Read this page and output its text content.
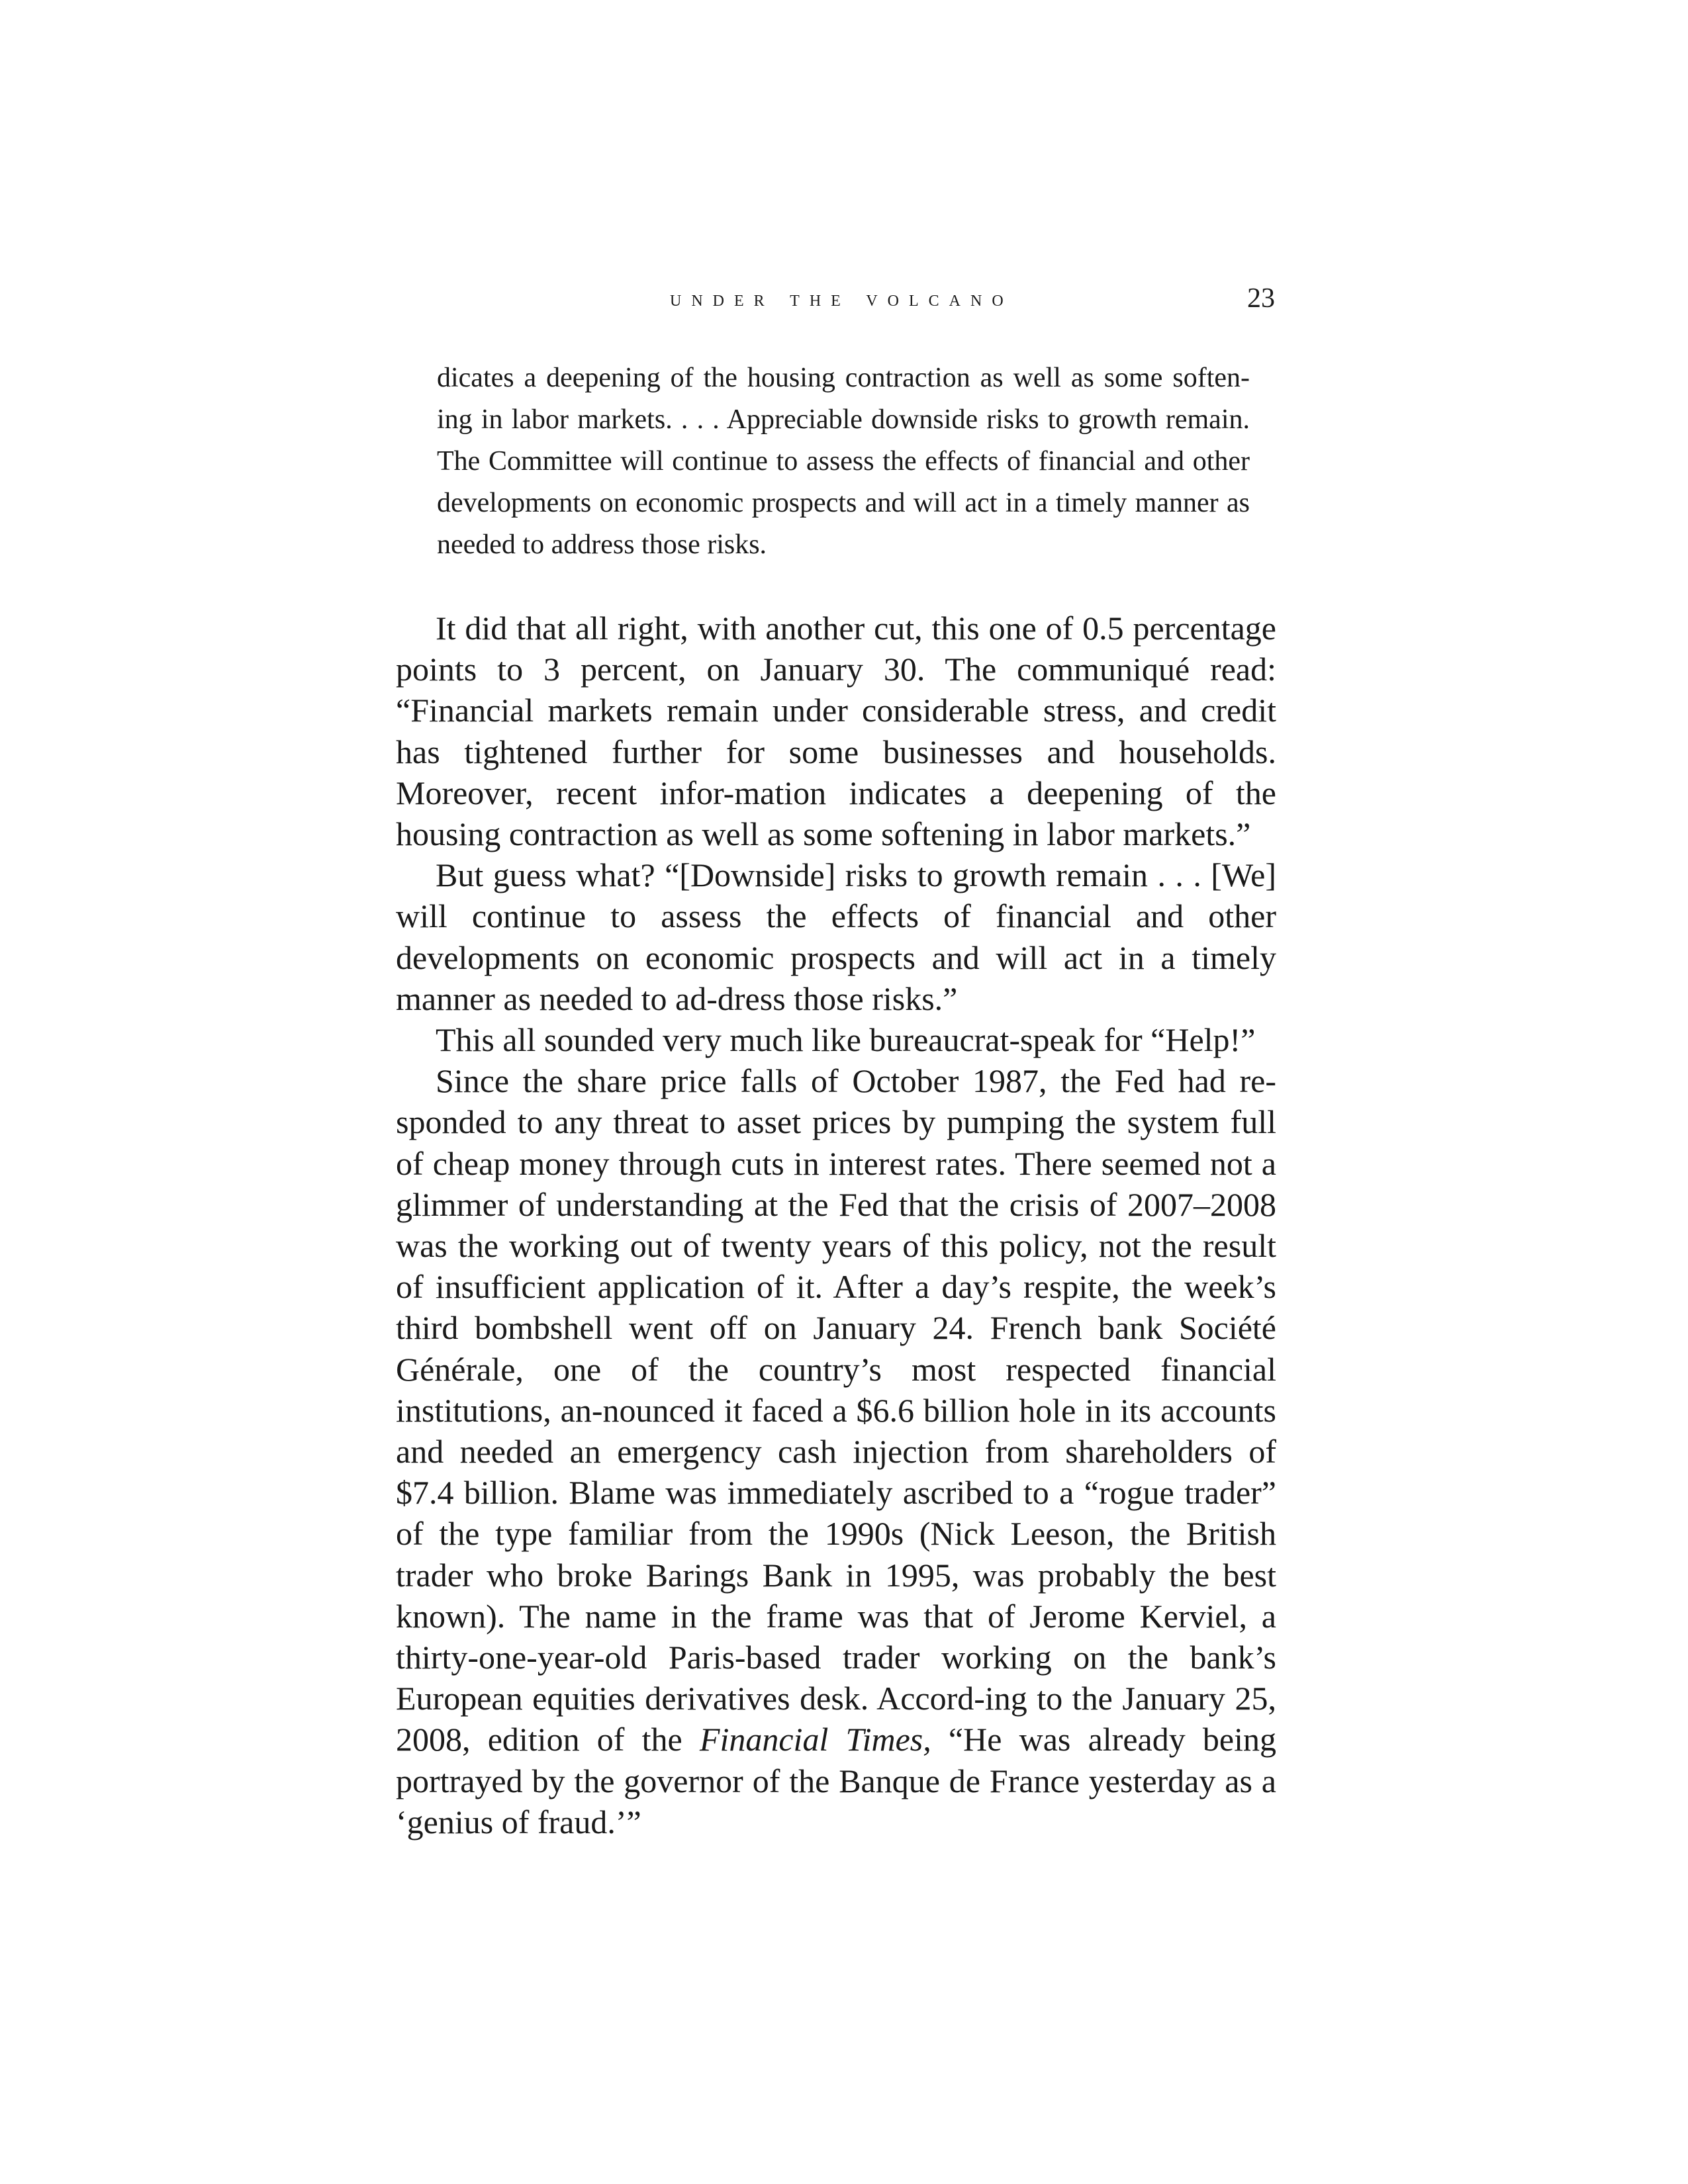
under the volcano	23

dicates a deepening of the housing contraction as well as some soften-ing in labor markets. . . . Appreciable downside risks to growth remain. The Committee will continue to assess the effects of financial and other developments on economic prospects and will act in a timely manner as needed to address those risks.

It did that all right, with another cut, this one of 0.5 percentage points to 3 percent, on January 30. The communiqué read: “Financial markets remain under considerable stress, and credit has tightened further for some businesses and households. Moreover, recent infor-mation indicates a deepening of the housing contraction as well as some softening in labor markets.”

But guess what? “[Downside] risks to growth remain . . . [We] will continue to assess the effects of financial and other developments on economic prospects and will act in a timely manner as needed to ad-dress those risks.”

This all sounded very much like bureaucrat-speak for “Help!”

Since the share price falls of October 1987, the Fed had re-sponded to any threat to asset prices by pumping the system full of cheap money through cuts in interest rates. There seemed not a glimmer of understanding at the Fed that the crisis of 2007–2008 was the working out of twenty years of this policy, not the result of insufficient application of it. After a day’s respite, the week’s third bombshell went off on January 24. French bank Société Générale, one of the country’s most respected financial institutions, an-nounced it faced a $6.6 billion hole in its accounts and needed an emergency cash injection from shareholders of $7.4 billion. Blame was immediately ascribed to a “rogue trader” of the type familiar from the 1990s (Nick Leeson, the British trader who broke Barings Bank in 1995, was probably the best known). The name in the frame was that of Jerome Kerviel, a thirty-one-year-old Paris-based trader working on the bank’s European equities derivatives desk. Accord-ing to the January 25, 2008, edition of the Financial Times, “He was already being portrayed by the governor of the Banque de France yesterday as a ‘genius of fraud.’”
